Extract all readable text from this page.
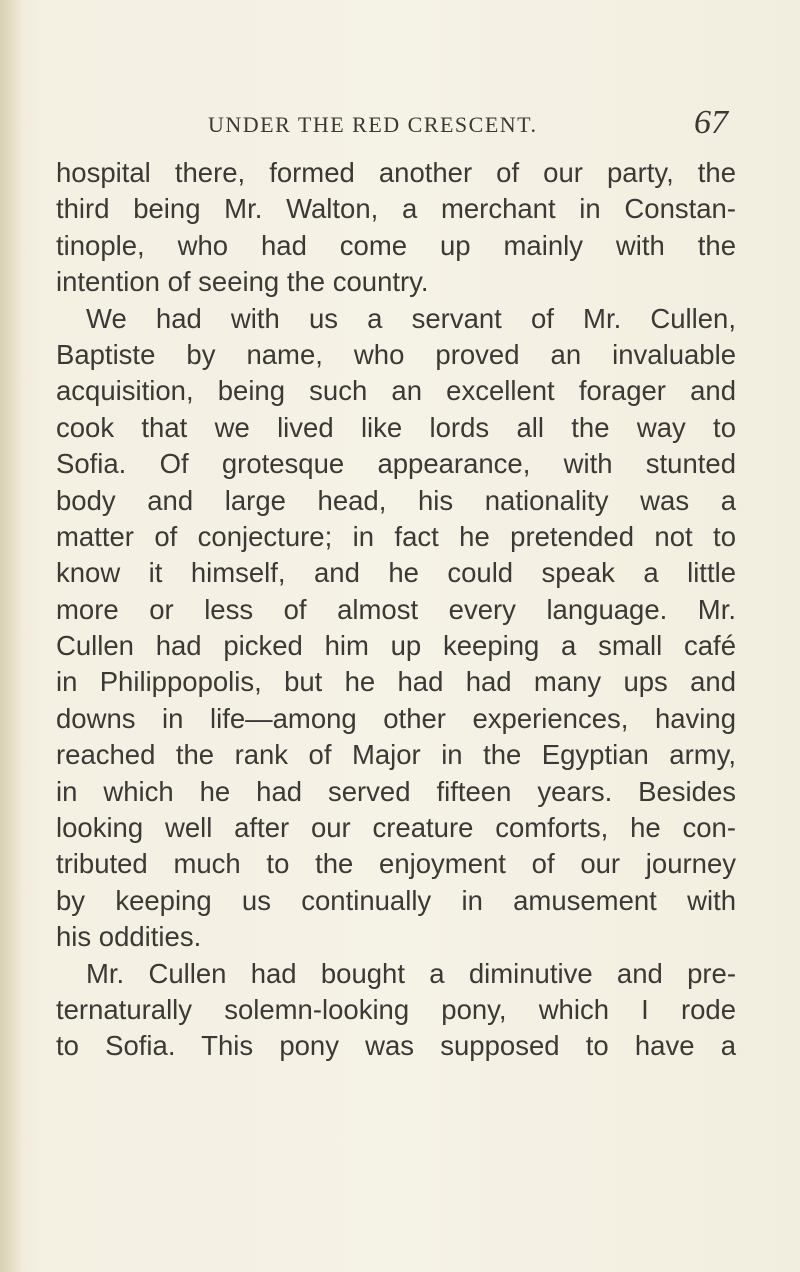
UNDER THE RED CRESCENT.	67
hospital there, formed another of our party, the
third being Mr. Walton, a merchant in Constan-
tinople, who had come up mainly with the
intention of seeing the country.
We had with us a servant of Mr. Cullen,
Baptiste by name, who proved an invaluable
acquisition, being such an excellent forager and
cook that we lived like lords all the way to
Sofia. Of grotesque appearance, with stunted
body and large head, his nationality was a
matter of conjecture; in fact he pretended not to
know it himself, and he could speak a little
more or less of almost every language. Mr.
Cullen had picked him up keeping a small café
in Philippopolis, but he had had many ups and
downs in life—among other experiences, having
reached the rank of Major in the Egyptian army,
in which he had served fifteen years. Besides
looking well after our creature comforts, he con-
tributed much to the enjoyment of our journey
by keeping us continually in amusement with
his oddities.
Mr. Cullen had bought a diminutive and pre-
ternaturally solemn-looking pony, which I rode
to Sofia. This pony was supposed to have a
